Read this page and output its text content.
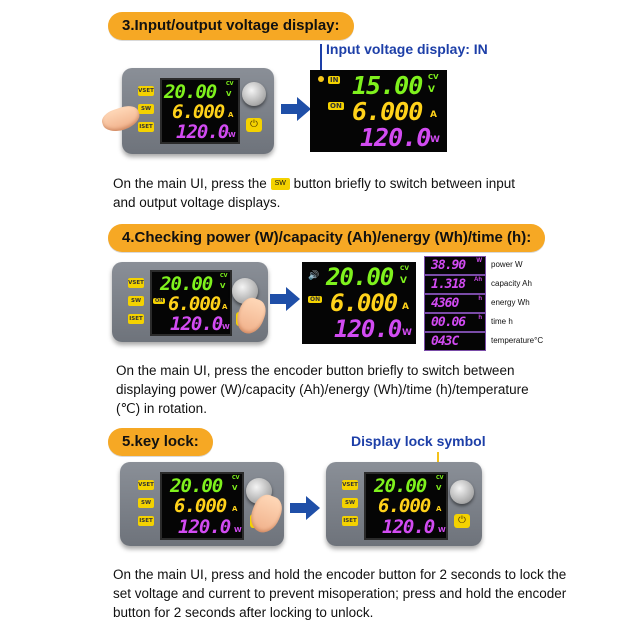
3.Input/output voltage display:
VSET
SW
ISET
20.00 CV
V
6.000 A
120.0 W
⏻
Input voltage display: IN
IN 15.00 CV
V
ON 6.000 A
120.0 W
On the main UI, press the SW button briefly to switch between input
and output voltage displays.
4.Checking power (W)/capacity (Ah)/energy (Wh)/time (h):
VSET
SW
ISET
20.00 CV
V
ON 6.000 A
120.0 W
🔊 20.00 CV
V
ON 6.000 A
120.0 W
38.90 W power W
1.318 Ah capacity Ah
4360	h energy Wh
00.06 h time h
043C	temperature°C
On the main UI, press the encoder button briefly to switch between
displaying power (W)/capacity (Ah)/energy (Wh)/time (h)/temperature
(℃) in rotation.
5.key lock:	Display lock symbol
VSET
SW
ISET
20.00 CV
V
6.000 A
120.0 W
VSET
SW
ISET
20.00 CV
V
6.000 A
120.0 W
⏻
On the main UI, press and hold the encoder button for 2 seconds to lock the
set voltage and current to prevent misoperation; press and hold the encoder
button for 2 seconds after locking to unlock.
